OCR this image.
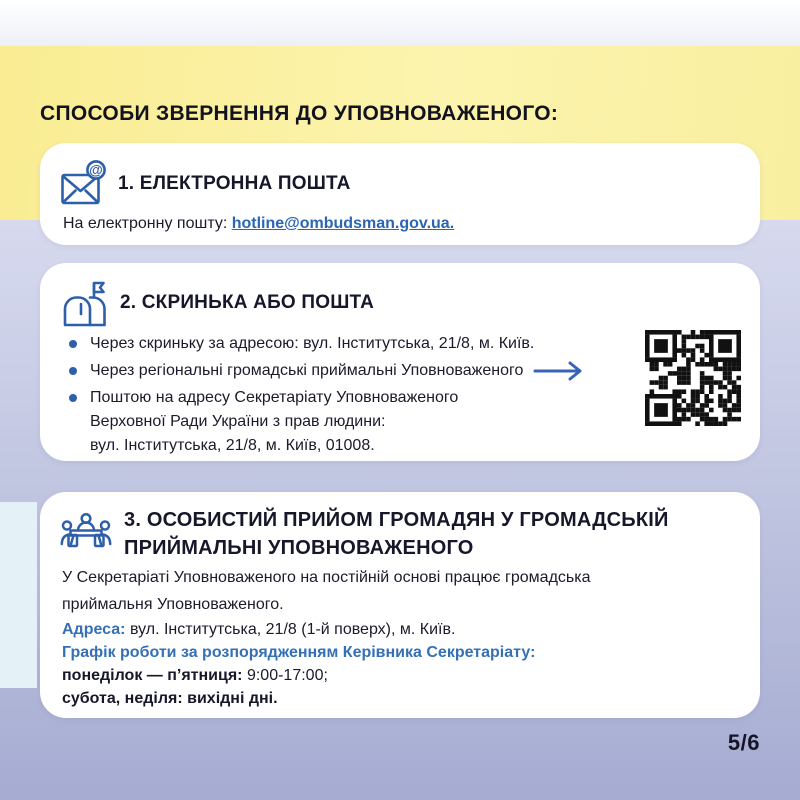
СПОСОБИ ЗВЕРНЕННЯ ДО УПОВНОВАЖЕНОГО:
@
1. ЕЛЕКТРОННА ПОШТА

На електронну пошту: hotline@ombudsman.gov.ua.

2. СКРИНЬКА АБО ПОШТА
Через скриньку за адресою: вул. Інститутська, 21/8, м. Київ.
Через регіональні громадські приймальні Уповноваженого
Поштою на адресу Секретаріату Уповноваженого
Верховної Ради України з прав людини:
вул. Інститутська, 21/8, м. Київ, 01008.
3. ОСОБИСТИЙ ПРИЙОМ ГРОМАДЯН У ГРОМАДСЬКІЙ
ПРИЙМАЛЬНІ УПОВНОВАЖЕНОГО

У Секретаріаті Уповноваженого на постійній основі працює громадська
приймальня Уповноваженого.

Адреса: вул. Інститутська, 21/8 (1-й поверх), м. Київ.

Графік роботи за розпорядженням Керівника Секретаріату:

понеділок — п’ятниця: 9:00-17:00;

субота, неділя: вихідні дні.

5/6
